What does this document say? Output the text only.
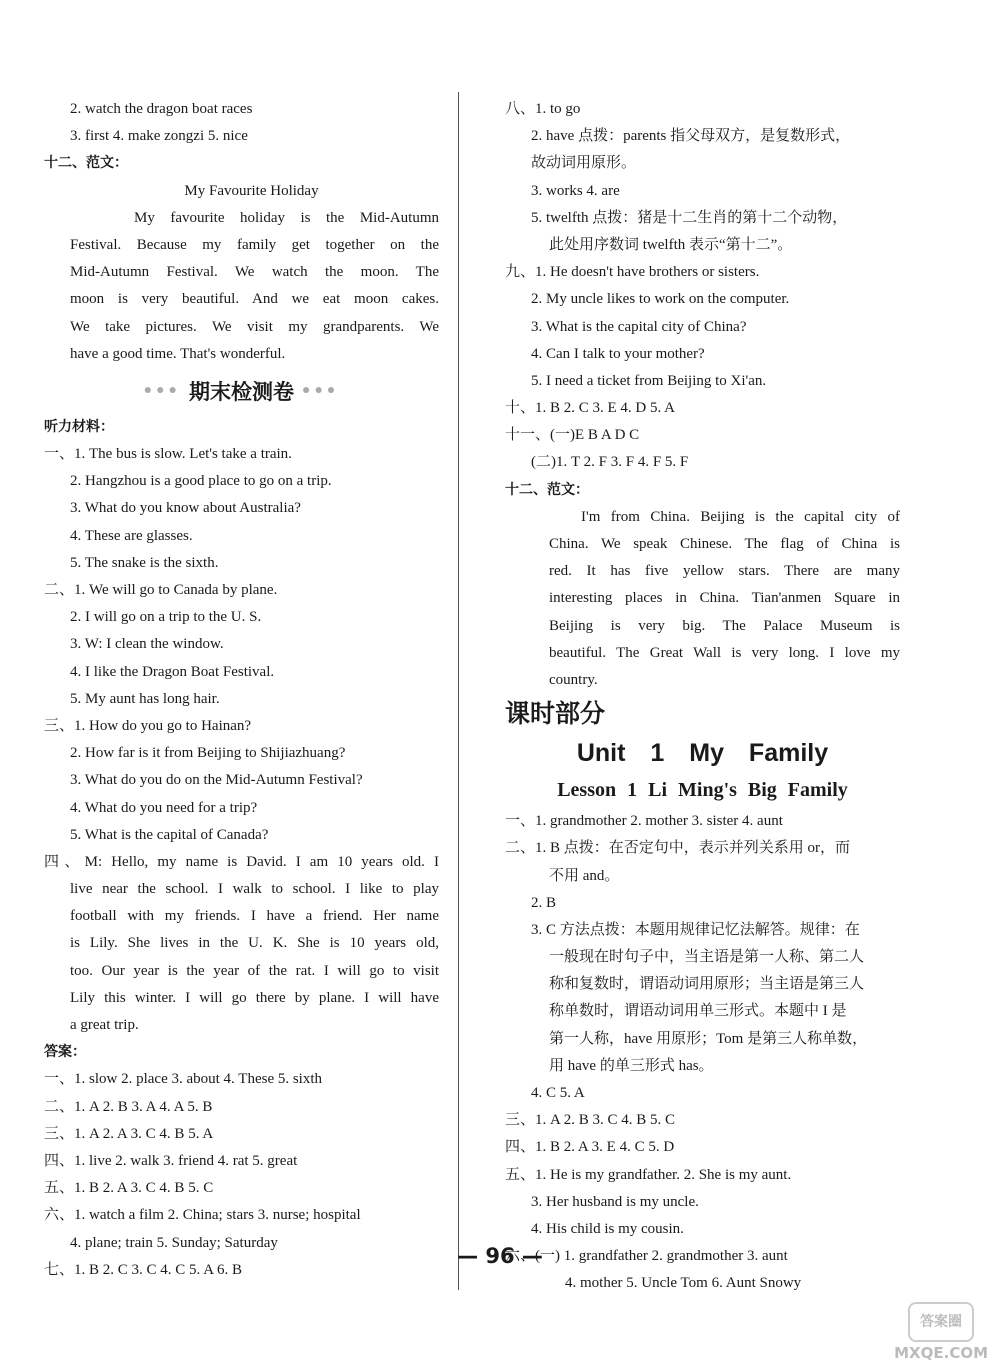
2. watch the dragon boat races
3. first 4. make zongzi 5. nice
十二、范文：
My Favourite Holiday
My favourite holiday is the Mid-Autumn
Festival. Because my family get together on the
Mid-Autumn Festival. We watch the moon. The
moon is very beautiful. And we eat moon cakes.
We take pictures. We visit my grandparents. We
have a good time. That's wonderful.
●●● 期末检测卷 ●●●
听力材料：
一、1. The bus is slow. Let's take a train.
2. Hangzhou is a good place to go on a trip.
3. What do you know about Australia?
4. These are glasses.
5. The snake is the sixth.
二、1. We will go to Canada by plane.
2. I will go on a trip to the U. S.
3. W: I clean the window.
4. I like the Dragon Boat Festival.
5. My aunt has long hair.
三、1. How do you go to Hainan?
2. How far is it from Beijing to Shijiazhuang?
3. What do you do on the Mid-Autumn Festival?
4. What do you need for a trip?
5. What is the capital of Canada?
四、M: Hello, my name is David. I am 10 years old. I
live near the school. I walk to school. I like to play
football with my friends. I have a friend. Her name
is Lily. She lives in the U. K. She is 10 years old,
too. Our year is the year of the rat. I will go to visit
Lily this winter. I will go there by plane. I will have
a great trip.
答案：
一、1. slow 2. place 3. about 4. These 5. sixth
二、1. A 2. B 3. A 4. A 5. B
三、1. A 2. A 3. C 4. B 5. A
四、1. live 2. walk 3. friend 4. rat 5. great
五、1. B 2. A 3. C 4. B 5. C
六、1. watch a film 2. China; stars 3. nurse; hospital
4. plane; train 5. Sunday; Saturday
七、1. B 2. C 3. C 4. C 5. A 6. B
八、1. to go
2. have 点拨：parents 指父母双方，是复数形式，
故动词用原形。
3. works 4. are
5. twelfth 点拨：猪是十二生肖的第十二个动物，
此处用序数词 twelfth 表示“第十二”。
九、1. He doesn't have brothers or sisters.
2. My uncle likes to work on the computer.
3. What is the capital city of China?
4. Can I talk to your mother?
5. I need a ticket from Beijing to Xi'an.
十、1. B 2. C 3. E 4. D 5. A
十一、(一)E B A D C
(二)1. T 2. F 3. F 4. F 5. F
十二、范文：
I'm from China. Beijing is the capital city of
China. We speak Chinese. The flag of China is
red. It has five yellow stars. There are many
interesting places in China. Tian'anmen Square in
Beijing is very big. The Palace Museum is
beautiful. The Great Wall is very long. I love my
country.
课时部分
Unit 1 My Family
Lesson 1 Li Ming's Big Family
一、1. grandmother 2. mother 3. sister 4. aunt
二、1. B 点拨：在否定句中，表示并列关系用 or，而
不用 and。
2. B
3. C 方法点拨：本题用规律记忆法解答。规律：在
一般现在时句子中，当主语是第一人称、第二人
称和复数时，谓语动词用原形；当主语是第三人
称单数时，谓语动词用单三形式。本题中 I 是
第一人称，have 用原形；Tom 是第三人称单数，
用 have 的单三形式 has。
4. C 5. A
三、1. A 2. B 3. C 4. B 5. C
四、1. B 2. A 3. E 4. C 5. D
五、1. He is my grandfather. 2. She is my aunt.
3. Her husband is my uncle.
4. His child is my cousin.
六、(一) 1. grandfather 2. grandmother 3. aunt
4. mother 5. Uncle Tom 6. Aunt Snowy
— 96 —
答案圈
MXQE.COM
